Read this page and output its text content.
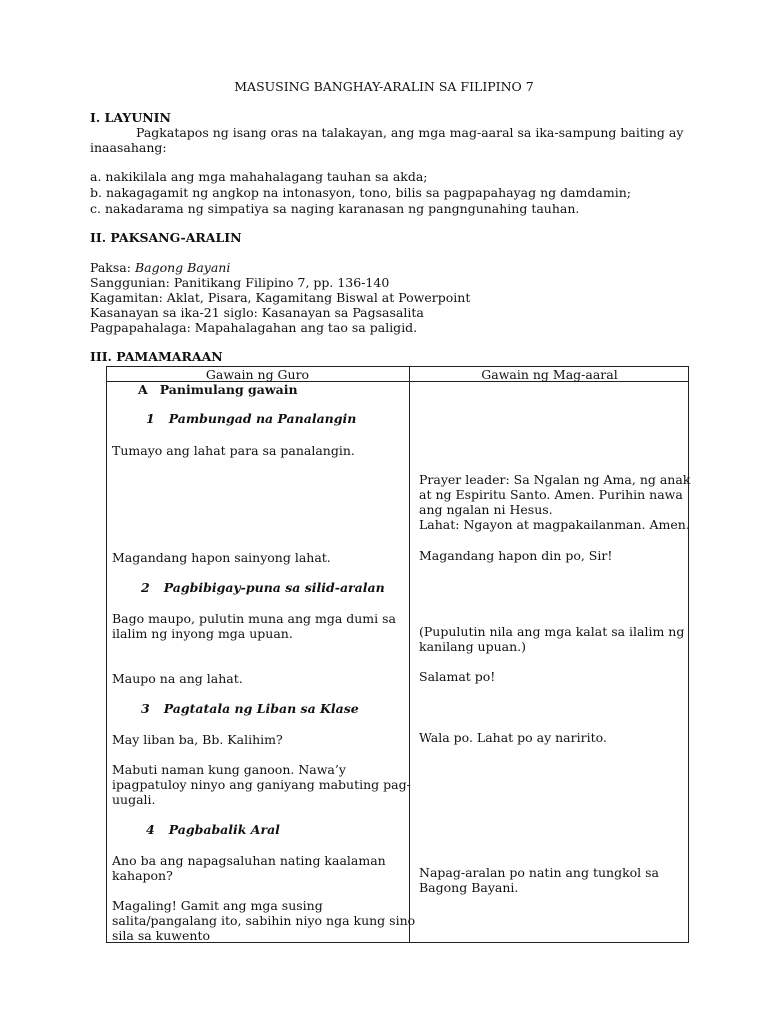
MASUSING BANGHAY-ARALIN SA FILIPINO 7
I. LAYUNIN
Pagkatapos ng isang oras na talakayan, ang mga mag-aaral sa ika-sampung baiting ay
inaasahang:
a. nakikilala ang mga mahahalagang tauhan sa akda;
b. nakagagamit ng angkop na intonasyon, tono, bilis sa pagpapahayag ng damdamin;
c. nakadarama ng simpatiya sa naging karanasan ng pangngunahing tauhan.
II. PAKSANG-ARALIN
Paksa: Bagong Bayani
Sanggunian: Panitikang Filipino 7, pp. 136-140
Kagamitan: Aklat, Pisara, Kagamitang Biswal at Powerpoint
Kasanayan sa ika-21 siglo: Kasanayan sa Pagsasalita
Pagpapahalaga: Mapahalagahan ang tao sa paligid.
III. PAMAMARAAN
Gawain ng Guro	Gawain ng Mag-aaral
A Panimulang gawain
1 Pambungad na Panalangin
Tumayo ang lahat para sa panalangin.
Magandang hapon sainyong lahat.
2 Pagbibigay-puna sa silid-aralan
Bago maupo, pulutin muna ang mga dumi sa
ilalim ng inyong mga upuan.
Maupo na ang lahat.
3 Pagtatala ng Liban sa Klase
May liban ba, Bb. Kalihim?
Mabuti naman kung ganoon. Nawa’y
ipagpatuloy ninyo ang ganiyang mabuting pag-
uugali.
4 Pagbabalik Aral
Ano ba ang napagsaluhan nating kaalaman
kahapon?
Magaling! Gamit ang mga susing
salita/pangalang ito, sabihin niyo nga kung sino
sila sa kuwento
Prayer leader: Sa Ngalan ng Ama, ng anak
at ng Espiritu Santo. Amen. Purihin nawa
ang ngalan ni Hesus.
Lahat: Ngayon at magpakailanman. Amen.
Magandang hapon din po, Sir!
(Pupulutin nila ang mga kalat sa ilalim ng
kanilang upuan.)
Salamat po!
Wala po. Lahat po ay naririto.
Napag-aralan po natin ang tungkol sa
Bagong Bayani.
